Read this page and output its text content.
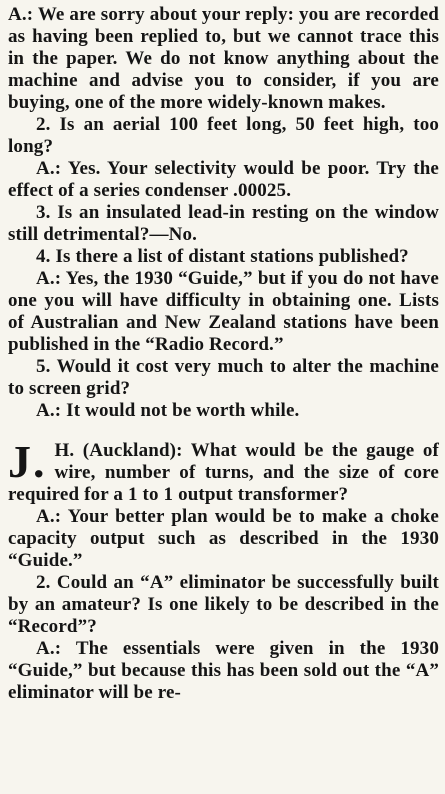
A.: We are sorry about your reply: you are recorded as having been replied to, but we cannot trace this in the paper. We do not know anything about the machine and advise you to consider, if you are buying, one of the more widely-known makes.

2. Is an aerial 100 feet long, 50 feet high, too long?

A.: Yes. Your selectivity would be poor. Try the effect of a series condenser .00025.

3. Is an insulated lead-in resting on the window still detrimental?—No.

4. Is there a list of distant stations published?

A.: Yes, the 1930 “Guide,” but if you do not have one you will have difficulty in obtaining one. Lists of Australian and New Zealand stations have been published in the “Radio Record.”

5. Would it cost very much to alter the machine to screen grid?

A.: It would not be worth while.

J. H. (Auckland): What would be the gauge of wire, number of turns, and the size of core required for a 1 to 1 output transformer?

A.: Your better plan would be to make a choke capacity output such as described in the 1930 “Guide.”

2. Could an “A” eliminator be successfully built by an amateur? Is one likely to be described in the “Record”?

A.: The essentials were given in the 1930 “Guide,” but because this has been sold out the “A” eliminator will be re-
